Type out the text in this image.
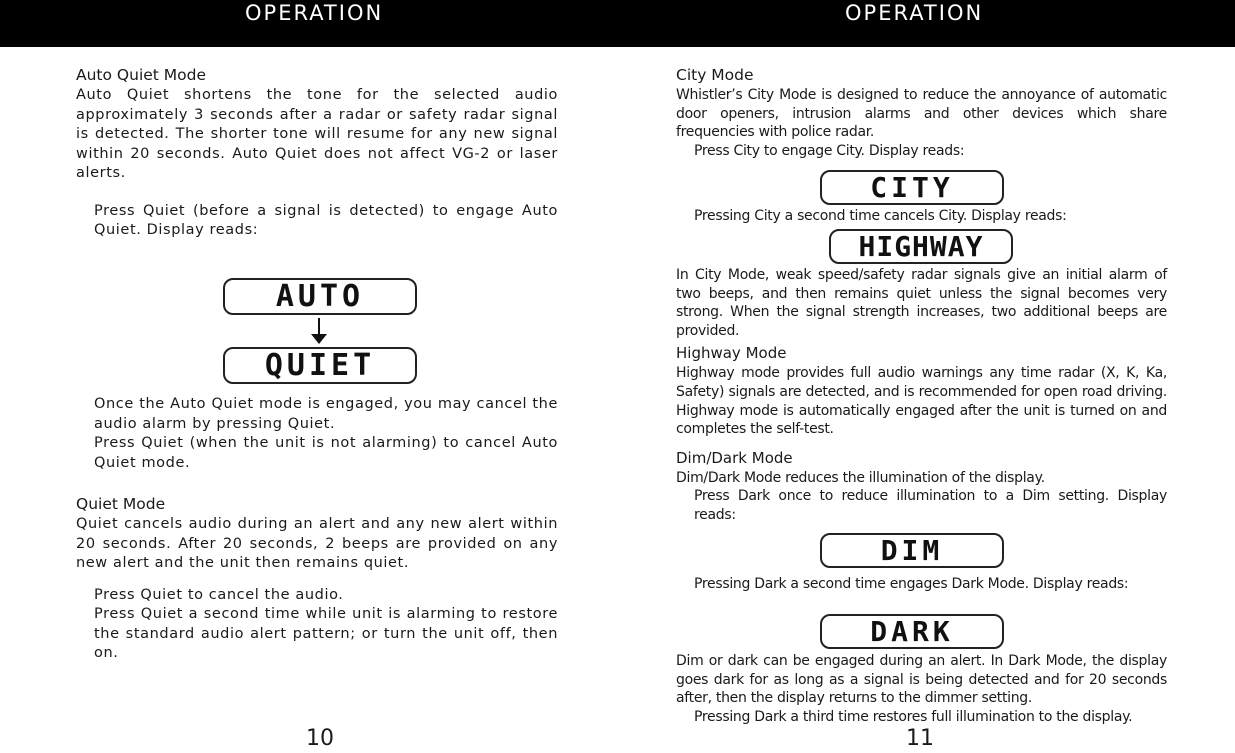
OPERATION	OPERATION
Auto Quiet Mode

Auto Quiet shortens the tone for the selected audio approximately 3 seconds after a radar or safety radar signal is detected. The shorter tone will resume for any new signal within 20 seconds. Auto Quiet does not affect VG-2 or laser alerts.

Press Quiet (before a signal is detected) to engage Auto Quiet. Display reads:

AUTO
QUIET

Once the Auto Quiet mode is engaged, you may cancel the audio alarm by pressing Quiet.

Press Quiet (when the unit is not alarming) to cancel Auto Quiet mode.

Quiet Mode

Quiet cancels audio during an alert and any new alert within 20 seconds. After 20 seconds, 2 beeps are provided on any new alert and the unit then remains quiet.

Press Quiet to cancel the audio.

Press Quiet a second time while unit is alarming to restore the standard audio alert pattern; or turn the unit off, then on.

10
City Mode

Whistler’s City Mode is designed to reduce the annoyance of automatic door openers, intrusion alarms and other devices which share frequencies with police radar.

Press City to engage City. Display reads:

CITY

Pressing City a second time cancels City. Display reads:

HIGHWAY

In City Mode, weak speed/safety radar signals give an initial alarm of two beeps, and then remains quiet unless the signal becomes very strong. When the signal strength increases, two additional beeps are provided.

Highway Mode

Highway mode provides full audio warnings any time radar (X, K, Ka, Safety) signals are detected, and is recommended for open road driving. Highway mode is automatically engaged after the unit is turned on and completes the self-test.

Dim/Dark Mode

Dim/Dark Mode reduces the illumination of the display.

Press Dark once to reduce illumination to a Dim setting. Display reads:

DIM

Pressing Dark a second time engages Dark Mode. Display reads:

DARK

Dim or dark can be engaged during an alert. In Dark Mode, the display goes dark for as long as a signal is being detected and for 20 seconds after, then the display returns to the dimmer setting.

Pressing Dark a third time restores full illumination to the display.

11
